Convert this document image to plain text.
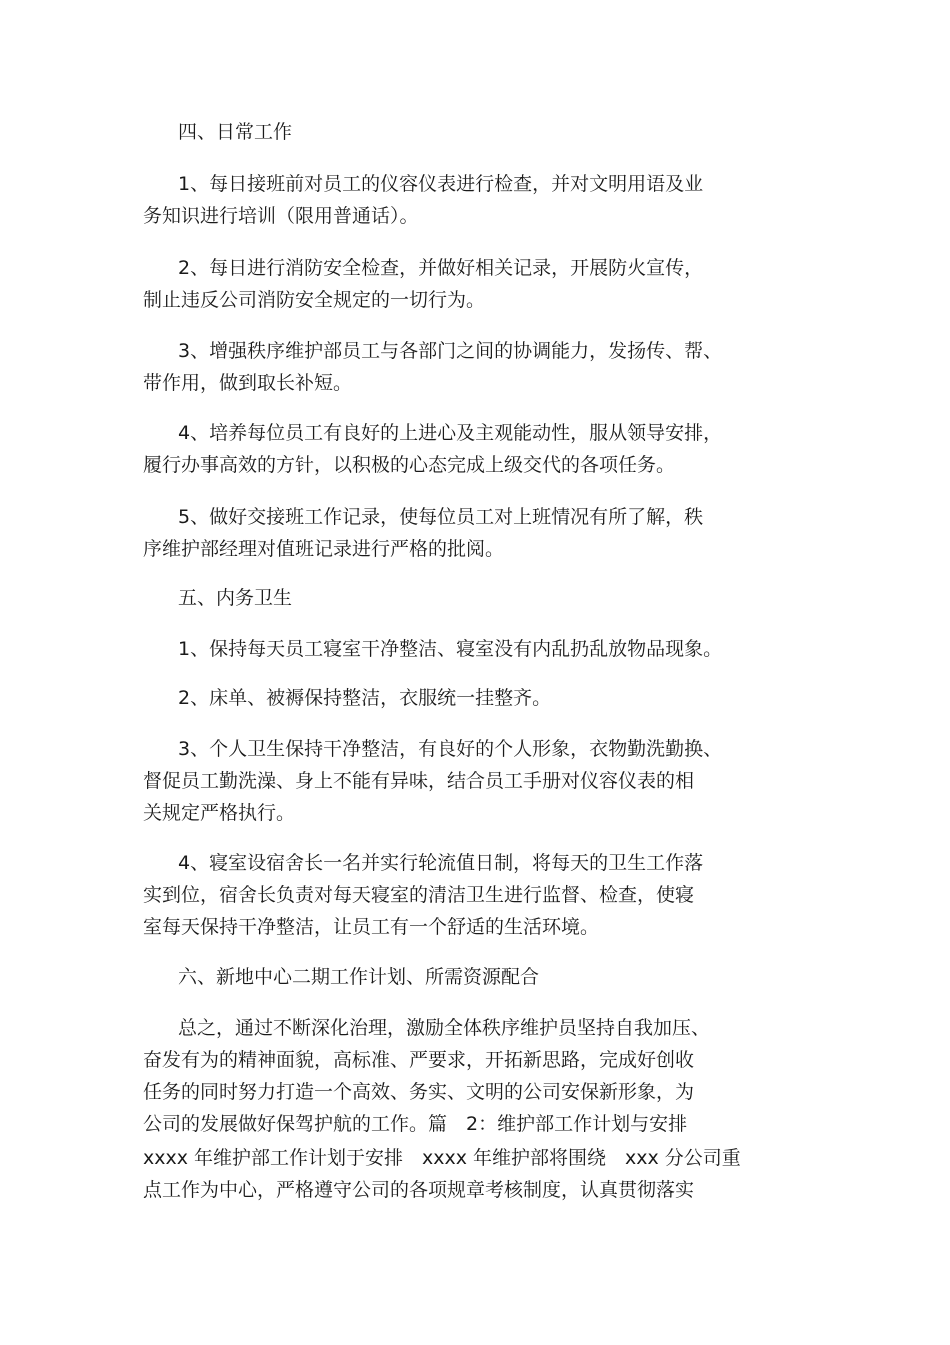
四、日常工作
1、每日接班前对员工的仪容仪表进行检查，并对文明用语及业
务知识进行培训（限用普通话）。
2、每日进行消防安全检查，并做好相关记录，开展防火宣传，
制止违反公司消防安全规定的一切行为。
3、增强秩序维护部员工与各部门之间的协调能力，发扬传、帮、
带作用，做到取长补短。
4、培养每位员工有良好的上进心及主观能动性，服从领导安排，
履行办事高效的方针，以积极的心态完成上级交代的各项任务。
5、做好交接班工作记录，使每位员工对上班情况有所了解，秩
序维护部经理对值班记录进行严格的批阅。
五、内务卫生
1、保持每天员工寝室干净整洁、寝室没有内乱扔乱放物品现象。
2、床单、被褥保持整洁，衣服统一挂整齐。
3、个人卫生保持干净整洁，有良好的个人形象，衣物勤洗勤换、
督促员工勤洗澡、身上不能有异味，结合员工手册对仪容仪表的相
关规定严格执行。
4、寝室设宿舍长一名并实行轮流值日制，将每天的卫生工作落
实到位，宿舍长负责对每天寝室的清洁卫生进行监督、检查，使寝
室每天保持干净整洁，让员工有一个舒适的生活环境。
六、新地中心二期工作计划、所需资源配合
总之，通过不断深化治理，激励全体秩序维护员坚持自我加压、
奋发有为的精神面貌，高标准、严要求，开拓新思路，完成好创收
任务的同时努力打造一个高效、务实、文明的公司安保新形象，为
公司的发展做好保驾护航的工作。篇　2：维护部工作计划与安排
xxxx 年维护部工作计划于安排　xxxx 年维护部将围绕　xxx 分公司重
点工作为中心，严格遵守公司的各项规章考核制度，认真贯彻落实
